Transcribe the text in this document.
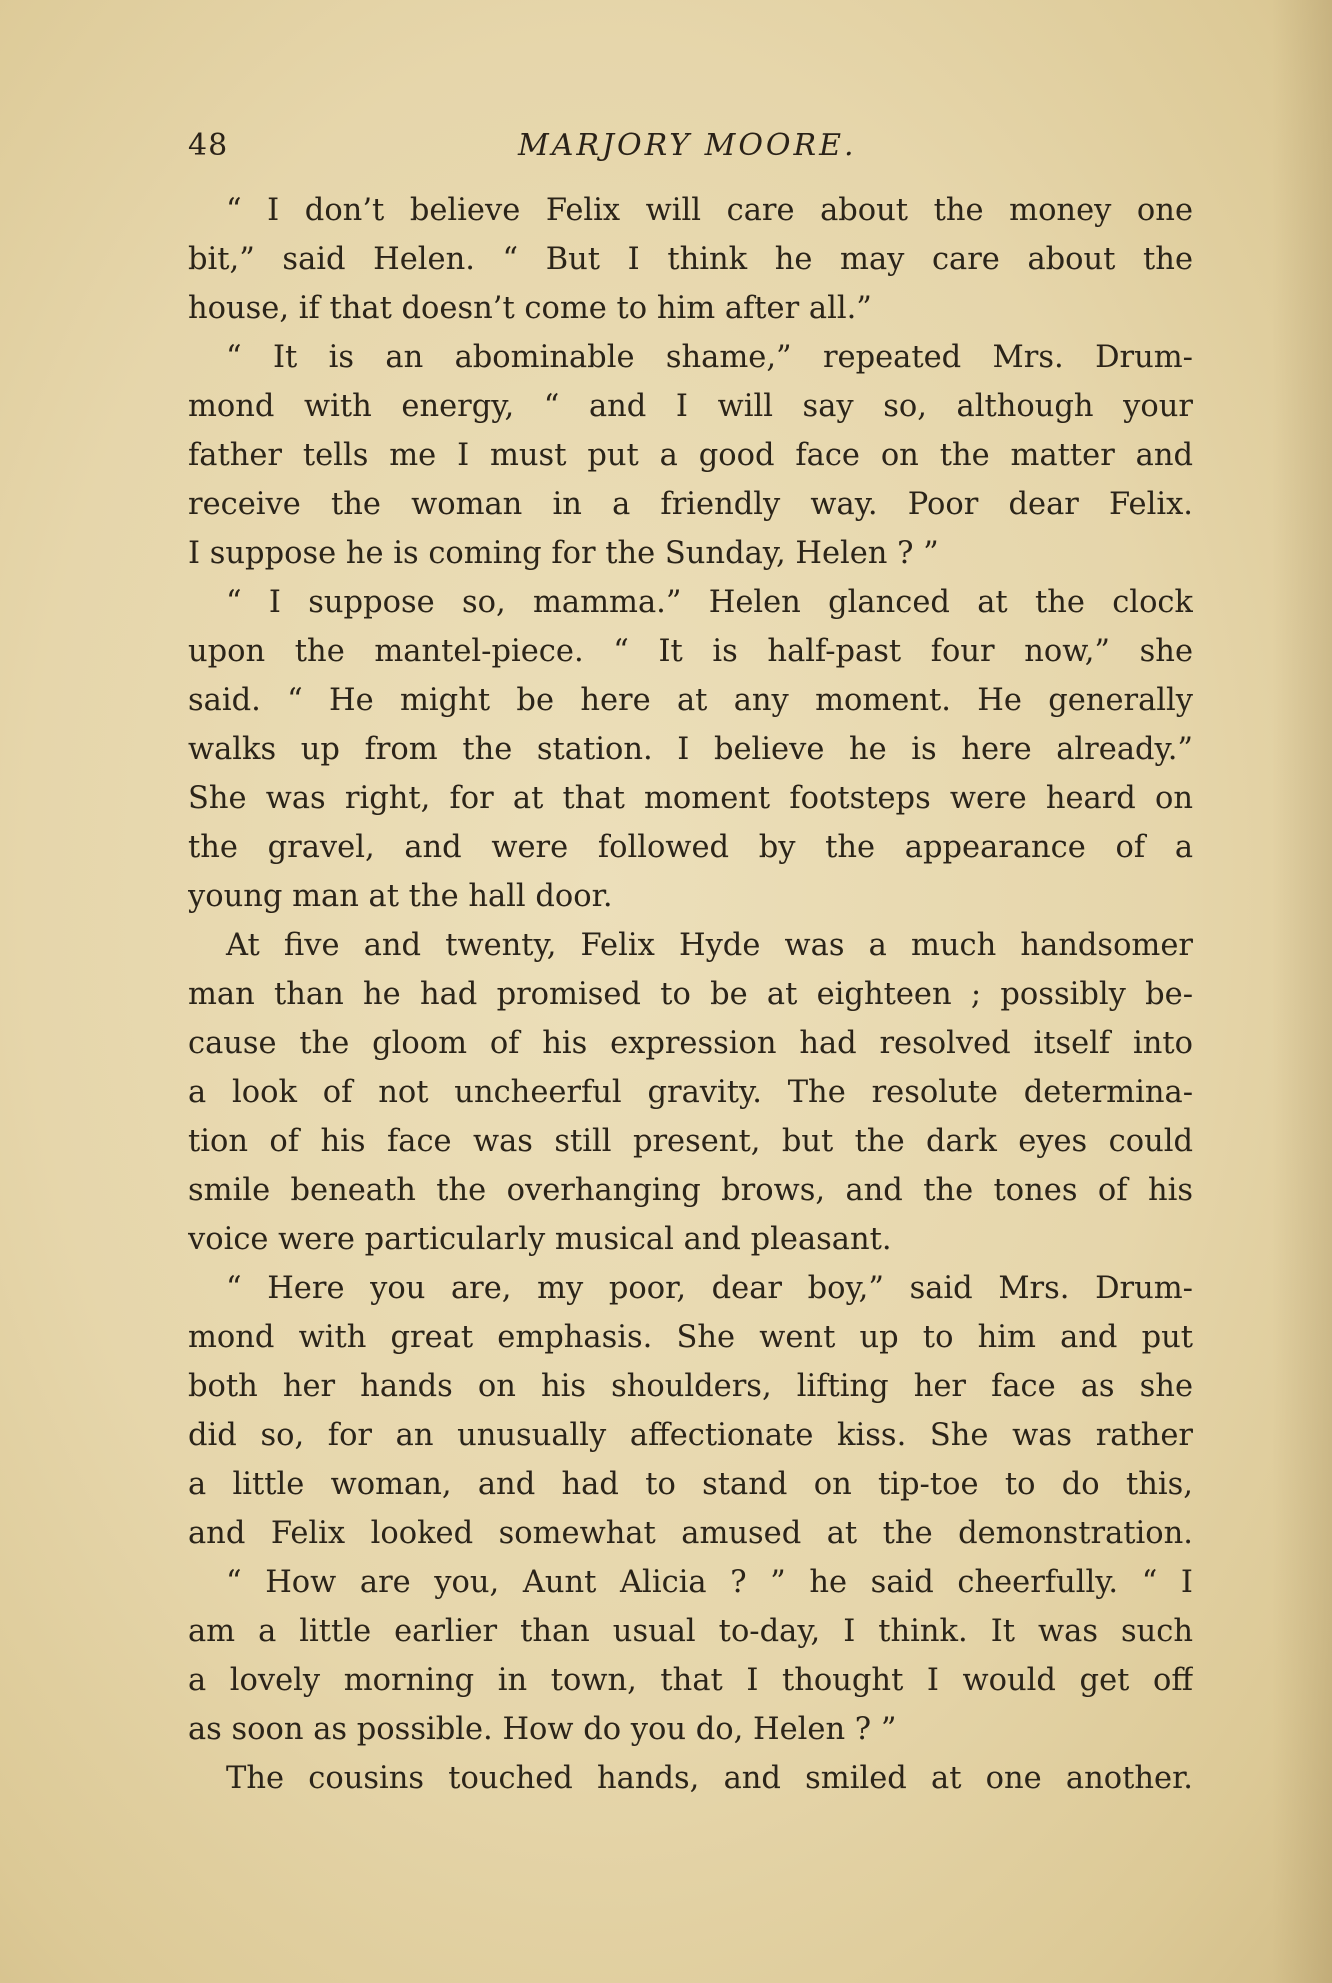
48	MARJORY MOORE.
“ I don’t believe Felix will care about the money one
bit,” said Helen. “ But I think he may care about the
house, if that doesn’t come to him after all.”
“ It is an abominable shame,” repeated Mrs. Drum-
mond with energy, “ and I will say so, although your
father tells me I must put a good face on the matter and
receive the woman in a friendly way. Poor dear Felix.
I suppose he is coming for the Sunday, Helen ? ”
“ I suppose so, mamma.” Helen glanced at the clock
upon the mantel-piece. “ It is half-past four now,” she
said. “ He might be here at any moment. He generally
walks up from the station. I believe he is here already.”
She was right, for at that moment footsteps were heard on
the gravel, and were followed by the appearance of a
young man at the hall door.
At five and twenty, Felix Hyde was a much handsomer
man than he had promised to be at eighteen ; possibly be-
cause the gloom of his expression had resolved itself into
a look of not uncheerful gravity. The resolute determina-
tion of his face was still present, but the dark eyes could
smile beneath the overhanging brows, and the tones of his
voice were particularly musical and pleasant.
“ Here you are, my poor, dear boy,” said Mrs. Drum-
mond with great emphasis. She went up to him and put
both her hands on his shoulders, lifting her face as she
did so, for an unusually affectionate kiss. She was rather
a little woman, and had to stand on tip-toe to do this,
and Felix looked somewhat amused at the demonstration.
“ How are you, Aunt Alicia ? ” he said cheerfully. “ I
am a little earlier than usual to-day, I think. It was such
a lovely morning in town, that I thought I would get off
as soon as possible. How do you do, Helen ? ”
The cousins touched hands, and smiled at one another.
